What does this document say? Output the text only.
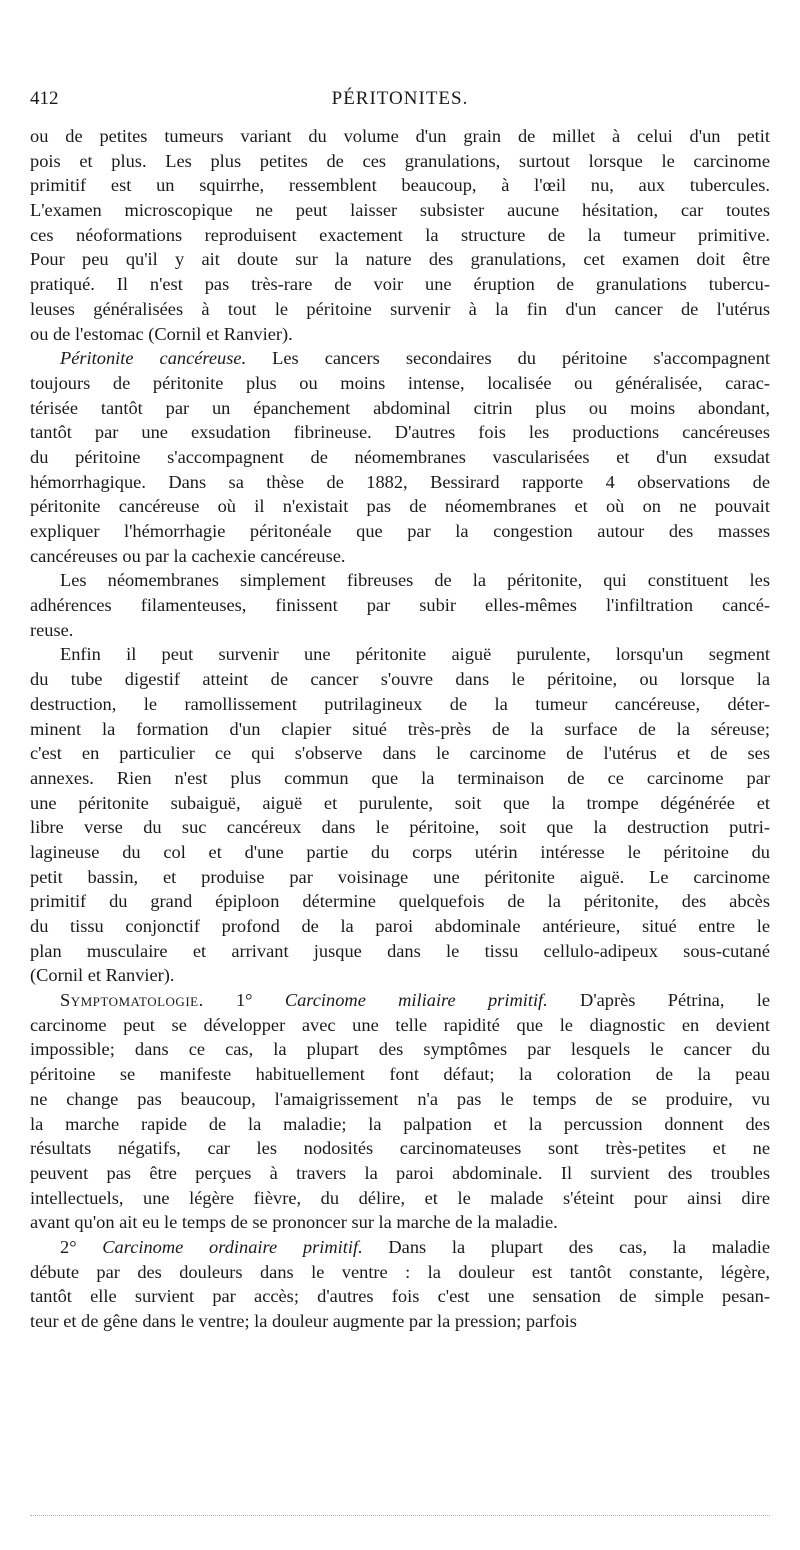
412	PÉRITONITES.
ou de petites tumeurs variant du volume d'un grain de millet à celui d'un petit
pois et plus. Les plus petites de ces granulations, surtout lorsque le carcinome
primitif est un squirrhe, ressemblent beaucoup, à l'œil nu, aux tubercules.
L'examen microscopique ne peut laisser subsister aucune hésitation, car toutes
ces néoformations reproduisent exactement la structure de la tumeur primitive.
Pour peu qu'il y ait doute sur la nature des granulations, cet examen doit être
pratiqué. Il n'est pas très-rare de voir une éruption de granulations tubercu-
leuses généralisées à tout le péritoine survenir à la fin d'un cancer de l'utérus
ou de l'estomac (Cornil et Ranvier).
Péritonite cancéreuse. Les cancers secondaires du péritoine s'accompagnent
toujours de péritonite plus ou moins intense, localisée ou généralisée, carac-
térisée tantôt par un épanchement abdominal citrin plus ou moins abondant,
tantôt par une exsudation fibrineuse. D'autres fois les productions cancéreuses
du péritoine s'accompagnent de néomembranes vascularisées et d'un exsudat
hémorrhagique. Dans sa thèse de 1882, Bessirard rapporte 4 observations de
péritonite cancéreuse où il n'existait pas de néomembranes et où on ne pouvait
expliquer l'hémorrhagie péritonéale que par la congestion autour des masses
cancéreuses ou par la cachexie cancéreuse.
Les néomembranes simplement fibreuses de la péritonite, qui constituent les
adhérences filamenteuses, finissent par subir elles-mêmes l'infiltration cancé-
reuse.
Enfin il peut survenir une péritonite aiguë purulente, lorsqu'un segment
du tube digestif atteint de cancer s'ouvre dans le péritoine, ou lorsque la
destruction, le ramollissement putrilagineux de la tumeur cancéreuse, déter-
minent la formation d'un clapier situé très-près de la surface de la séreuse;
c'est en particulier ce qui s'observe dans le carcinome de l'utérus et de ses
annexes. Rien n'est plus commun que la terminaison de ce carcinome par
une péritonite subaiguë, aiguë et purulente, soit que la trompe dégénérée et
libre verse du suc cancéreux dans le péritoine, soit que la destruction putri-
lagineuse du col et d'une partie du corps utérin intéresse le péritoine du
petit bassin, et produise par voisinage une péritonite aiguë. Le carcinome
primitif du grand épiploon détermine quelquefois de la péritonite, des abcès
du tissu conjonctif profond de la paroi abdominale antérieure, situé entre le
plan musculaire et arrivant jusque dans le tissu cellulo-adipeux sous-cutané
(Cornil et Ranvier).
Symptomatologie. 1° Carcinome miliaire primitif. D'après Pétrina, le
carcinome peut se développer avec une telle rapidité que le diagnostic en devient
impossible; dans ce cas, la plupart des symptômes par lesquels le cancer du
péritoine se manifeste habituellement font défaut; la coloration de la peau
ne change pas beaucoup, l'amaigrissement n'a pas le temps de se produire, vu
la marche rapide de la maladie; la palpation et la percussion donnent des
résultats négatifs, car les nodosités carcinomateuses sont très-petites et ne
peuvent pas être perçues à travers la paroi abdominale. Il survient des troubles
intellectuels, une légère fièvre, du délire, et le malade s'éteint pour ainsi dire
avant qu'on ait eu le temps de se prononcer sur la marche de la maladie.
2° Carcinome ordinaire primitif. Dans la plupart des cas, la maladie
débute par des douleurs dans le ventre : la douleur est tantôt constante, légère,
tantôt elle survient par accès; d'autres fois c'est une sensation de simple pesan-
teur et de gêne dans le ventre; la douleur augmente par la pression; parfois
